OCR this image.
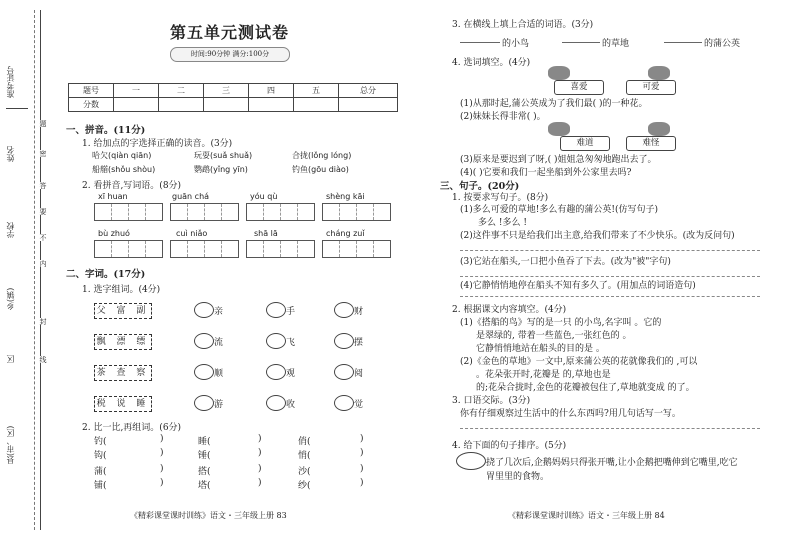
准考证号
姓名
学校
乡(镇)
区
县(市、区)
密
封
线
内
不
要
答
题
第五单元测试卷
时间:90分钟 满分:100分
题号	一	二	三	四	五	总分
分数						
一、拼音。(11分)
1. 给加点的字选择正确的读音。(3分)
哈欠(qiàn qiān)	玩耍(suǎ shuǎ)	合拢(lǒng lóng)
船艏(shǒu shòu)	鹦鹉(yǐng yīn)	钓鱼(gōu diào)
2. 看拼音,写词语。(8分)
xī huan	guān chá	yóu qù	shèng kāi
bù zhuó	cuì niǎo	shā lā	cháng zuǐ
二、字词。(17分)
1. 选字组词。(4分)
父 富 副	亲	手	财
飘 漂 缥	流	飞	摆
茶 查 察	顺	观	阅
税 说 睡	游	收	觉
2. 比一比,再组词。(6分)
钓(	)	睡(	)	俏(	)
钩(	)	锤(	)	悄(	)
蒲(	)	搭(	)	沙(	)
铺(	)	塔(	)	纱(	)
《精彩课堂课时训练》语文・三年级上册 83
3. 在横线上填上合适的词语。(3分)
的小鸟	的草地	的蒲公英
4. 选词填空。(4分)
喜爱	可爱
(1)从那时起,蒲公英成为了我们最( )的一种花。
(2)妹妹长得非常( )。
难道	难怪
(3)原来是要迟到了呀,( )姐姐急匆匆地跑出去了。
(4)( )它要和我们一起坐船到外公家里去吗?
三、句子。(20分)
1. 按要求写句子。(8分)
(1)多么可爱的草地!多么有趣的蒲公英!(仿写句子)
多么 !多么 !
(2)这件事不只是给我们出主意,给我们带来了不少快乐。(改为反问句)
(3)它站在船头,一口把小鱼吞了下去。(改为"被"字句)
(4)它静悄悄地停在船头不知有多久了。(用加点的词语造句)
2. 根据课文内容填空。(4分)
(1)《搭船的鸟》写的是一只 的小鸟,名字叫 。它的
是翠绿的, 带着一些蓝色,一张红色的 。
它静悄悄地站在船头的目的是 。
(2)《金色的草地》一文中,原来蒲公英的花就像我们的 ,可以
。花朵张开时,花瓣是 的,草地也是
的;花朵合拢时,金色的花瓣被包住了,草地就变成 的了。
3. 口语交际。(3分)
你有仔细观察过生活中的什么东西吗?用几句话写一写。
4. 给下面的句子排序。(5分)
挠了几次后,企鹅妈妈只得张开嘴,让小企鹅把嘴伸到它嘴里,吃它
胃里里的食物。
《精彩课堂课时训练》语文・三年级上册 84
